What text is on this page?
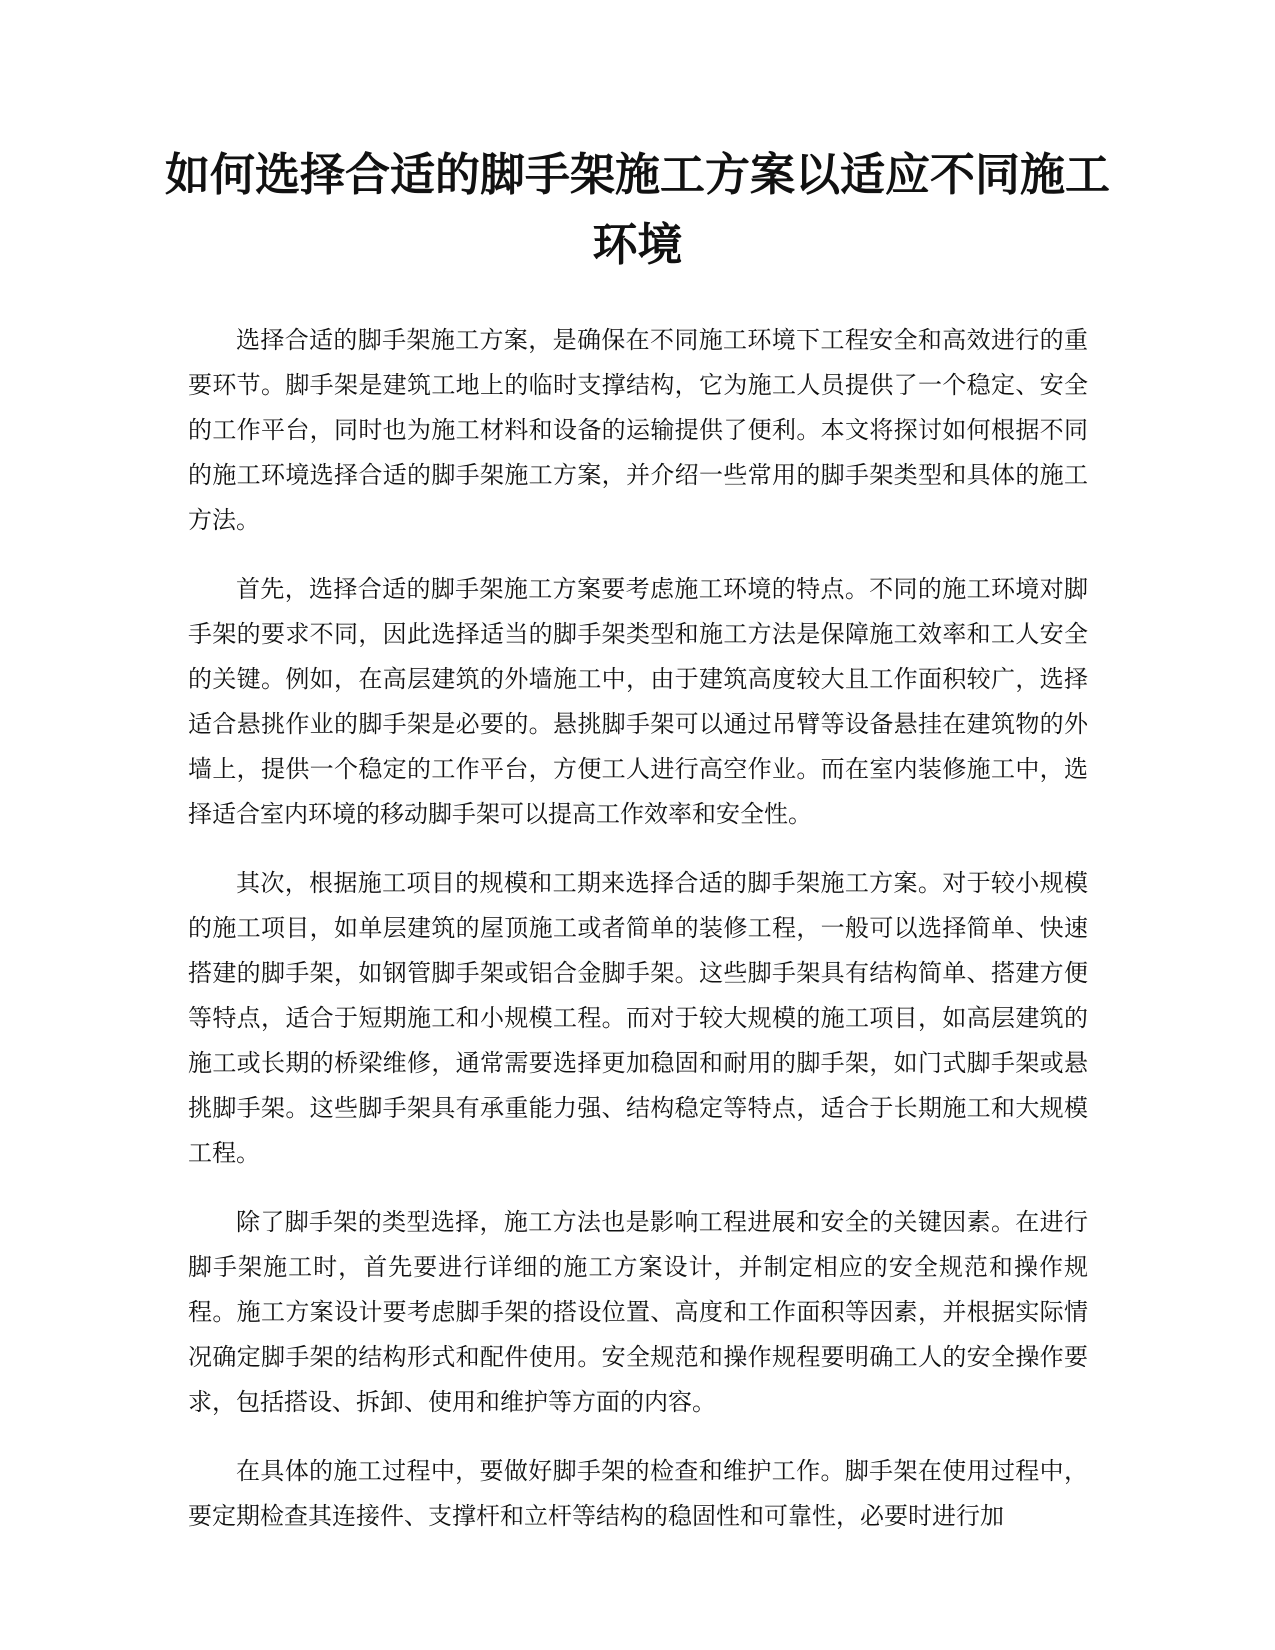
如何选择合适的脚手架施工方案以适应不同施工环境

选择合适的脚手架施工方案，是确保在不同施工环境下工程安全和高效进行的重要环节。脚手架是建筑工地上的临时支撑结构，它为施工人员提供了一个稳定、安全的工作平台，同时也为施工材料和设备的运输提供了便利。本文将探讨如何根据不同的施工环境选择合适的脚手架施工方案，并介绍一些常用的脚手架类型和具体的施工方法。

首先，选择合适的脚手架施工方案要考虑施工环境的特点。不同的施工环境对脚手架的要求不同，因此选择适当的脚手架类型和施工方法是保障施工效率和工人安全的关键。例如，在高层建筑的外墙施工中，由于建筑高度较大且工作面积较广，选择适合悬挑作业的脚手架是必要的。悬挑脚手架可以通过吊臂等设备悬挂在建筑物的外墙上，提供一个稳定的工作平台，方便工人进行高空作业。而在室内装修施工中，选择适合室内环境的移动脚手架可以提高工作效率和安全性。

其次，根据施工项目的规模和工期来选择合适的脚手架施工方案。对于较小规模的施工项目，如单层建筑的屋顶施工或者简单的装修工程，一般可以选择简单、快速搭建的脚手架，如钢管脚手架或铝合金脚手架。这些脚手架具有结构简单、搭建方便等特点，适合于短期施工和小规模工程。而对于较大规模的施工项目，如高层建筑的施工或长期的桥梁维修，通常需要选择更加稳固和耐用的脚手架，如门式脚手架或悬挑脚手架。这些脚手架具有承重能力强、结构稳定等特点，适合于长期施工和大规模工程。

除了脚手架的类型选择，施工方法也是影响工程进展和安全的关键因素。在进行脚手架施工时，首先要进行详细的施工方案设计，并制定相应的安全规范和操作规程。施工方案设计要考虑脚手架的搭设位置、高度和工作面积等因素，并根据实际情况确定脚手架的结构形式和配件使用。安全规范和操作规程要明确工人的安全操作要求，包括搭设、拆卸、使用和维护等方面的内容。

在具体的施工过程中，要做好脚手架的检查和维护工作。脚手架在使用过程中，要定期检查其连接件、支撑杆和立杆等结构的稳固性和可靠性，必要时进行加
